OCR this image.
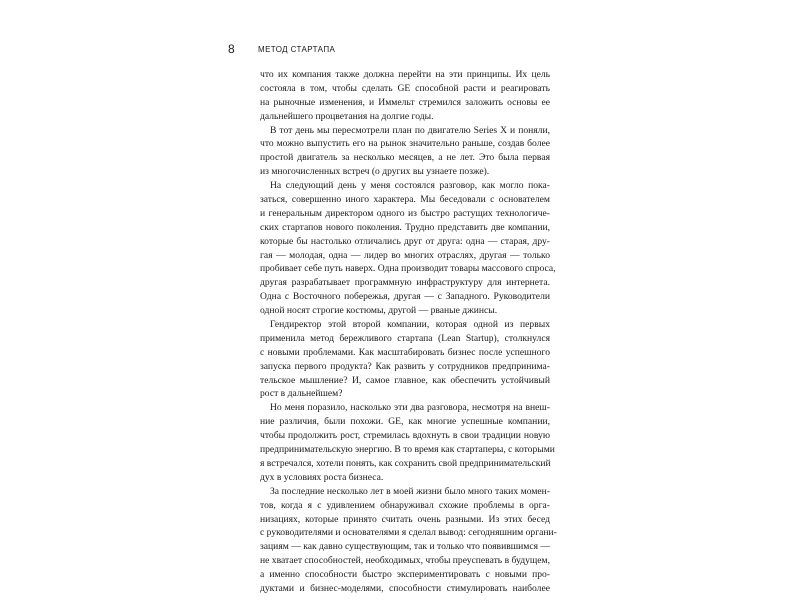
8	МЕТОД СТАРТАПА
что их компания также должна перейти на эти принципы. Их цель
состояла в том, чтобы сделать GE способной расти и реагировать
на рыночные изменения, и Иммельт стремился заложить основы ее
дальнейшего процветания на долгие годы.
В тот день мы пересмотрели план по двигателю Series X и поняли,
что можно выпустить его на рынок значительно раньше, создав более
простой двигатель за несколько месяцев, а не лет. Это была первая
из многочисленных встреч (о других вы узнаете позже).
На следующий день у меня состоялся разговор, как могло пока-
заться, совершенно иного характера. Мы беседовали с основателем
и генеральным директором одного из быстро растущих технологиче-
ских стартапов нового поколения. Трудно представить две компании,
которые бы настолько отличались друг от друга: одна — старая, дру-
гая — молодая, одна — лидер во многих отраслях, другая — только
пробивает себе путь наверх. Одна производит товары массового спроса,
другая разрабатывает программную инфраструктуру для интернета.
Одна с Восточного побережья, другая — с Западного. Руководители
одной носят строгие костюмы, другой — рваные джинсы.
Гендиректор этой второй компании, которая одной из первых
применила метод бережливого стартапа (Lean Startup), столкнулся
с новыми проблемами. Как масштабировать бизнес после успешного
запуска первого продукта? Как развить у сотрудников предпринима-
тельское мышление? И, самое главное, как обеспечить устойчивый
рост в дальнейшем?
Но меня поразило, насколько эти два разговора, несмотря на внеш-
ние различия, были похожи. GE, как многие успешные компании,
чтобы продолжить рост, стремилась вдохнуть в свои традиции новую
предпринимательскую энергию. В то время как стартаперы, с которыми
я встречался, хотели понять, как сохранить свой предпринимательский
дух в условиях роста бизнеса.
За последние несколько лет в моей жизни было много таких момен-
тов, когда я с удивлением обнаруживал схожие проблемы в орга-
низациях, которые принято считать очень разными. Из этих бесед
с руководителями и основателями я сделал вывод: сегодняшним органи-
зациям — как давно существующим, так и только что появившимся —
не хватает способностей, необходимых, чтобы преуспевать в будущем,
а именно способности быстро экспериментировать с новыми про-
дуктами и бизнес-моделями, способности стимулировать наиболее
